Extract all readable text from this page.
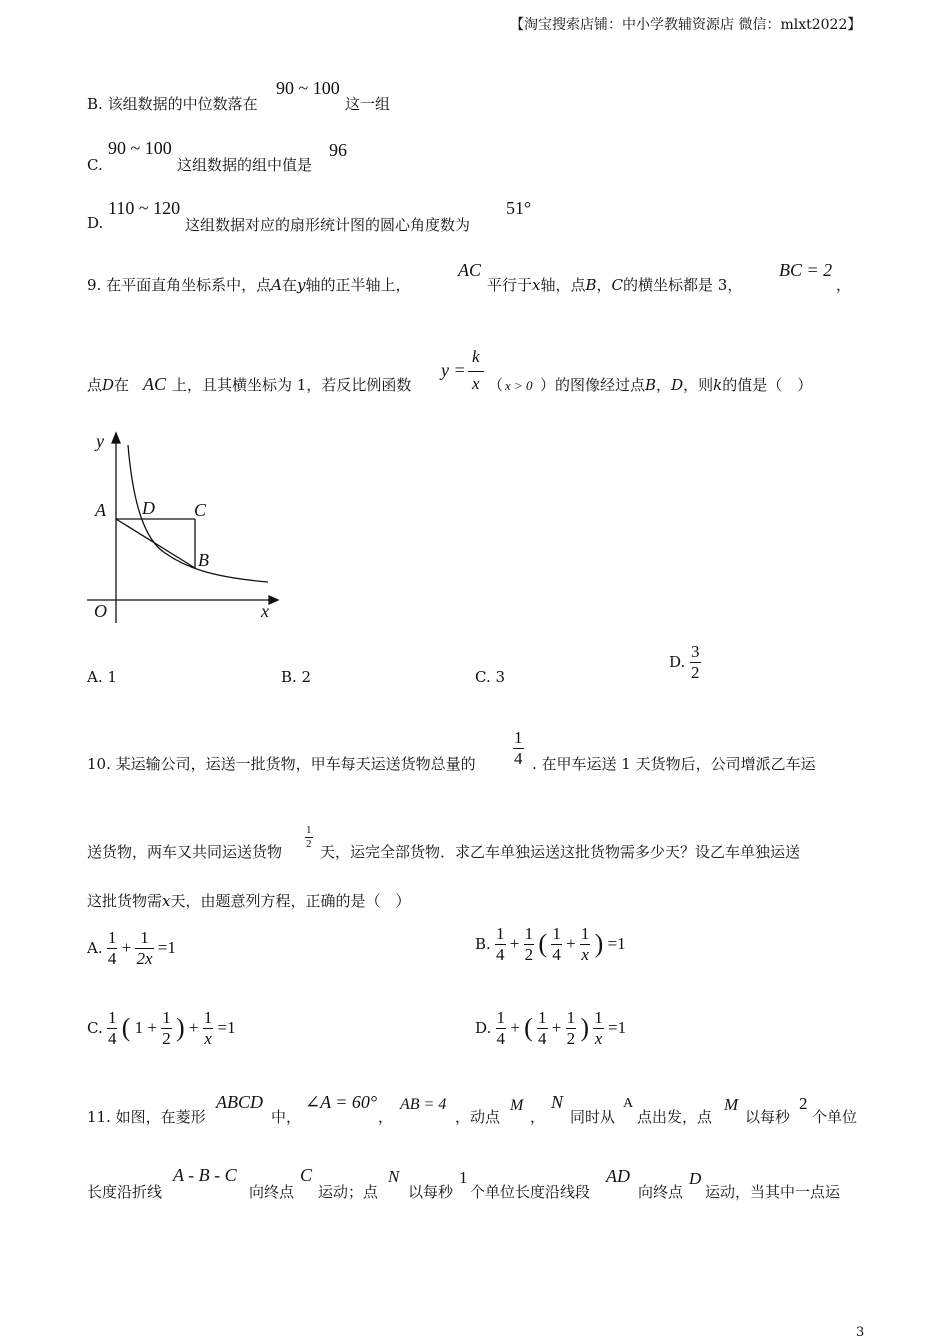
【淘宝搜索店铺：中小学教辅资源店 微信：mlxt2022】
B. 该组数据的中位数落在
90 ~ 100
这一组
C.
90 ~ 100
这组数据的组中值是
96
D.
110 ~ 120
这组数据对应的扇形统计图的圆心角度数为
51°
9. 在平面直角坐标系中，点A在y轴的正半轴上，
AC
平行于x轴，点B，C的横坐标都是 3，
BC = 2
，
点D在 AC 上，且其横坐标为 1，若反比例函数
y =
k
x （ x > 0 ）的图像经过点B，D，则k的值是（　）
y
A D C
B
O	x
A. 1	B. 2	C. 3
D. $\frac{3}{2}$
10. 某运输公司，运送一批货物，甲车每天运送货物总量的 $\frac{1}{4}$ . 在甲车运送 1 天货物后，公司增派乙车运
送货物，两车又共同运送货物
$\frac{1}{2}$
天，运完全部货物．求乙车单独运送这批货物需多少天？设乙车单独运送
这批货物需x天，由题意列方程，正确的是（　）
A. $\frac{1}{4} + \frac{1}{2x} =1$	B. $\frac{1}{4} + \frac{1}{2}$ ( $\frac{1}{4} + \frac{1}{x}$ ) =1
C. $\frac{1}{4}$ ( $1 + \frac{1}{2}$ ) + $\frac{1}{x} =1$	D. $\frac{1}{4}$ + ( $\frac{1}{4} + \frac{1}{2}$ ) $\frac{1}{x} =1$
11. 如图，在菱形
ABCD
中，
∠A = 60°
，
AB = 4
，动点
M
，
N
同时从
A
点出发，点
M
以每秒
2
个单位
长度沿折线
A - B - C
向终点
C
运动；点
N
以每秒
1
个单位长度沿线段
AD
向终点
D
运动，当其中一点运
3
